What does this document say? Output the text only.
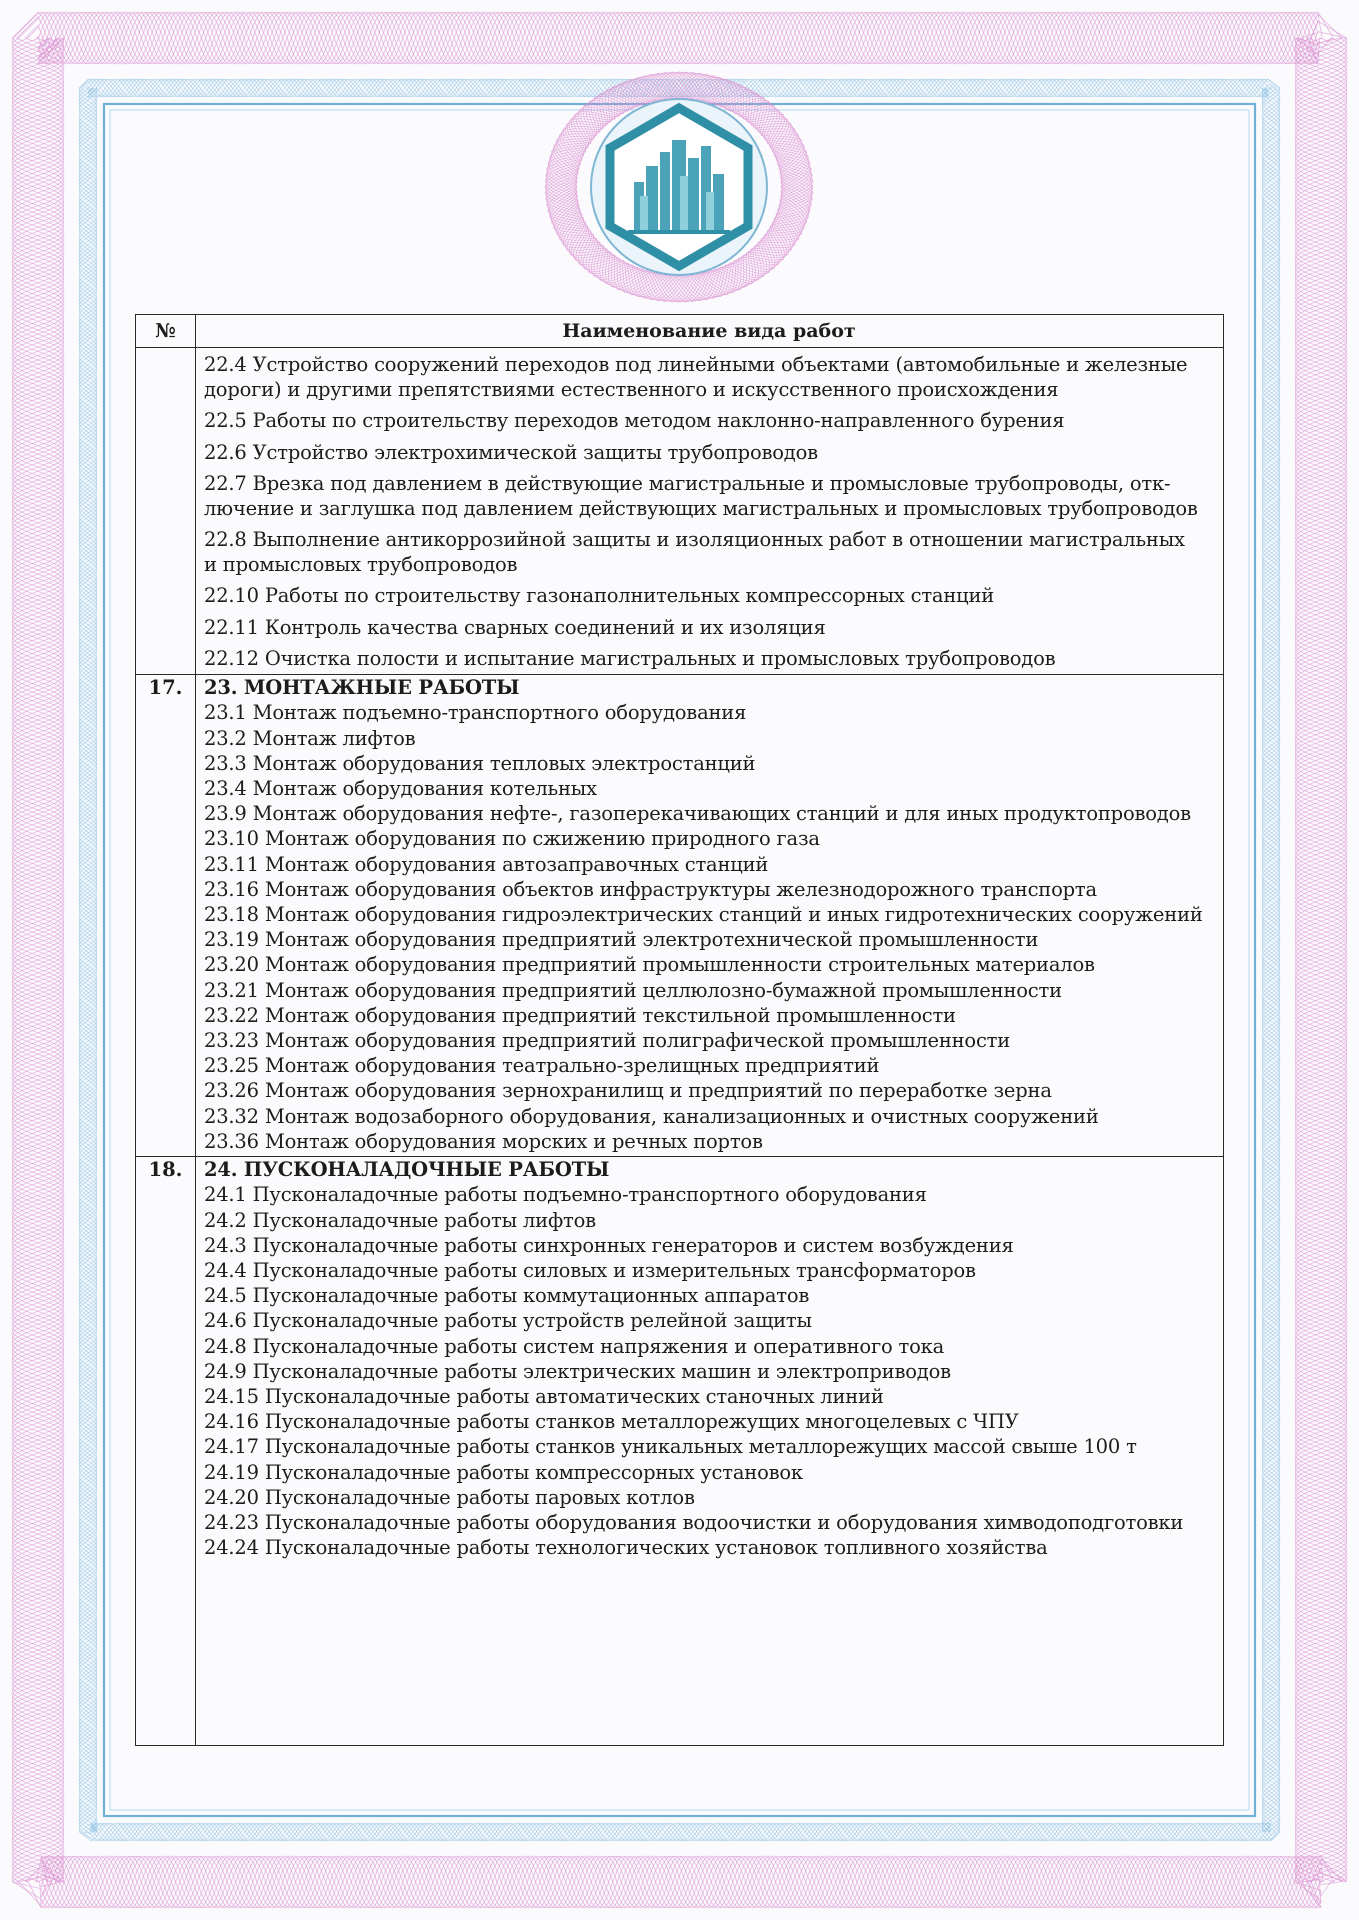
№	Наименование вида работ
22.4 Устройство сооружений переходов под линейными объектами (автомобильные и железные
дороги) и другими препятствиями естественного и искусственного происхождения
22.5 Работы по строительству переходов методом наклонно-направленного бурения
22.6 Устройство электрохимической защиты трубопроводов
22.7 Врезка под давлением в действующие магистральные и промысловые трубопроводы, отк-
лючение и заглушка под давлением действующих магистральных и промысловых трубопроводов
22.8 Выполнение антикоррозийной защиты и изоляционных работ в отношении магистральных
и промысловых трубопроводов
22.10 Работы по строительству газонаполнительных компрессорных станций
22.11 Контроль качества сварных соединений и их изоляция
22.12 Очистка полости и испытание магистральных и промысловых трубопроводов
17.	23. МОНТАЖНЫЕ РАБОТЫ
23.1 Монтаж подъемно-транспортного оборудования
23.2 Монтаж лифтов
23.3 Монтаж оборудования тепловых электростанций
23.4 Монтаж оборудования котельных
23.9 Монтаж оборудования нефте-, газоперекачивающих станций и для иных продуктопроводов
23.10 Монтаж оборудования по сжижению природного газа
23.11 Монтаж оборудования автозаправочных станций
23.16 Монтаж оборудования объектов инфраструктуры железнодорожного транспорта
23.18 Монтаж оборудования гидроэлектрических станций и иных гидротехнических сооружений
23.19 Монтаж оборудования предприятий электротехнической промышленности
23.20 Монтаж оборудования предприятий промышленности строительных материалов
23.21 Монтаж оборудования предприятий целлюлозно-бумажной промышленности
23.22 Монтаж оборудования предприятий текстильной промышленности
23.23 Монтаж оборудования предприятий полиграфической промышленности
23.25 Монтаж оборудования театрально-зрелищных предприятий
23.26 Монтаж оборудования зернохранилищ и предприятий по переработке зерна
23.32 Монтаж водозаборного оборудования, канализационных и очистных сооружений
23.36 Монтаж оборудования морских и речных портов
18.	24. ПУСКОНАЛАДОЧНЫЕ РАБОТЫ
24.1 Пусконаладочные работы подъемно-транспортного оборудования
24.2 Пусконаладочные работы лифтов
24.3 Пусконаладочные работы синхронных генераторов и систем возбуждения
24.4 Пусконаладочные работы силовых и измерительных трансформаторов
24.5 Пусконаладочные работы коммутационных аппаратов
24.6 Пусконаладочные работы устройств релейной защиты
24.8 Пусконаладочные работы систем напряжения и оперативного тока
24.9 Пусконаладочные работы электрических машин и электроприводов
24.15 Пусконаладочные работы автоматических станочных линий
24.16 Пусконаладочные работы станков металлорежущих многоцелевых с ЧПУ
24.17 Пусконаладочные работы станков уникальных металлорежущих массой свыше 100 т
24.19 Пусконаладочные работы компрессорных установок
24.20 Пусконаладочные работы паровых котлов
24.23 Пусконаладочные работы оборудования водоочистки и оборудования химводоподготовки
24.24 Пусконаладочные работы технологических установок топливного хозяйства
